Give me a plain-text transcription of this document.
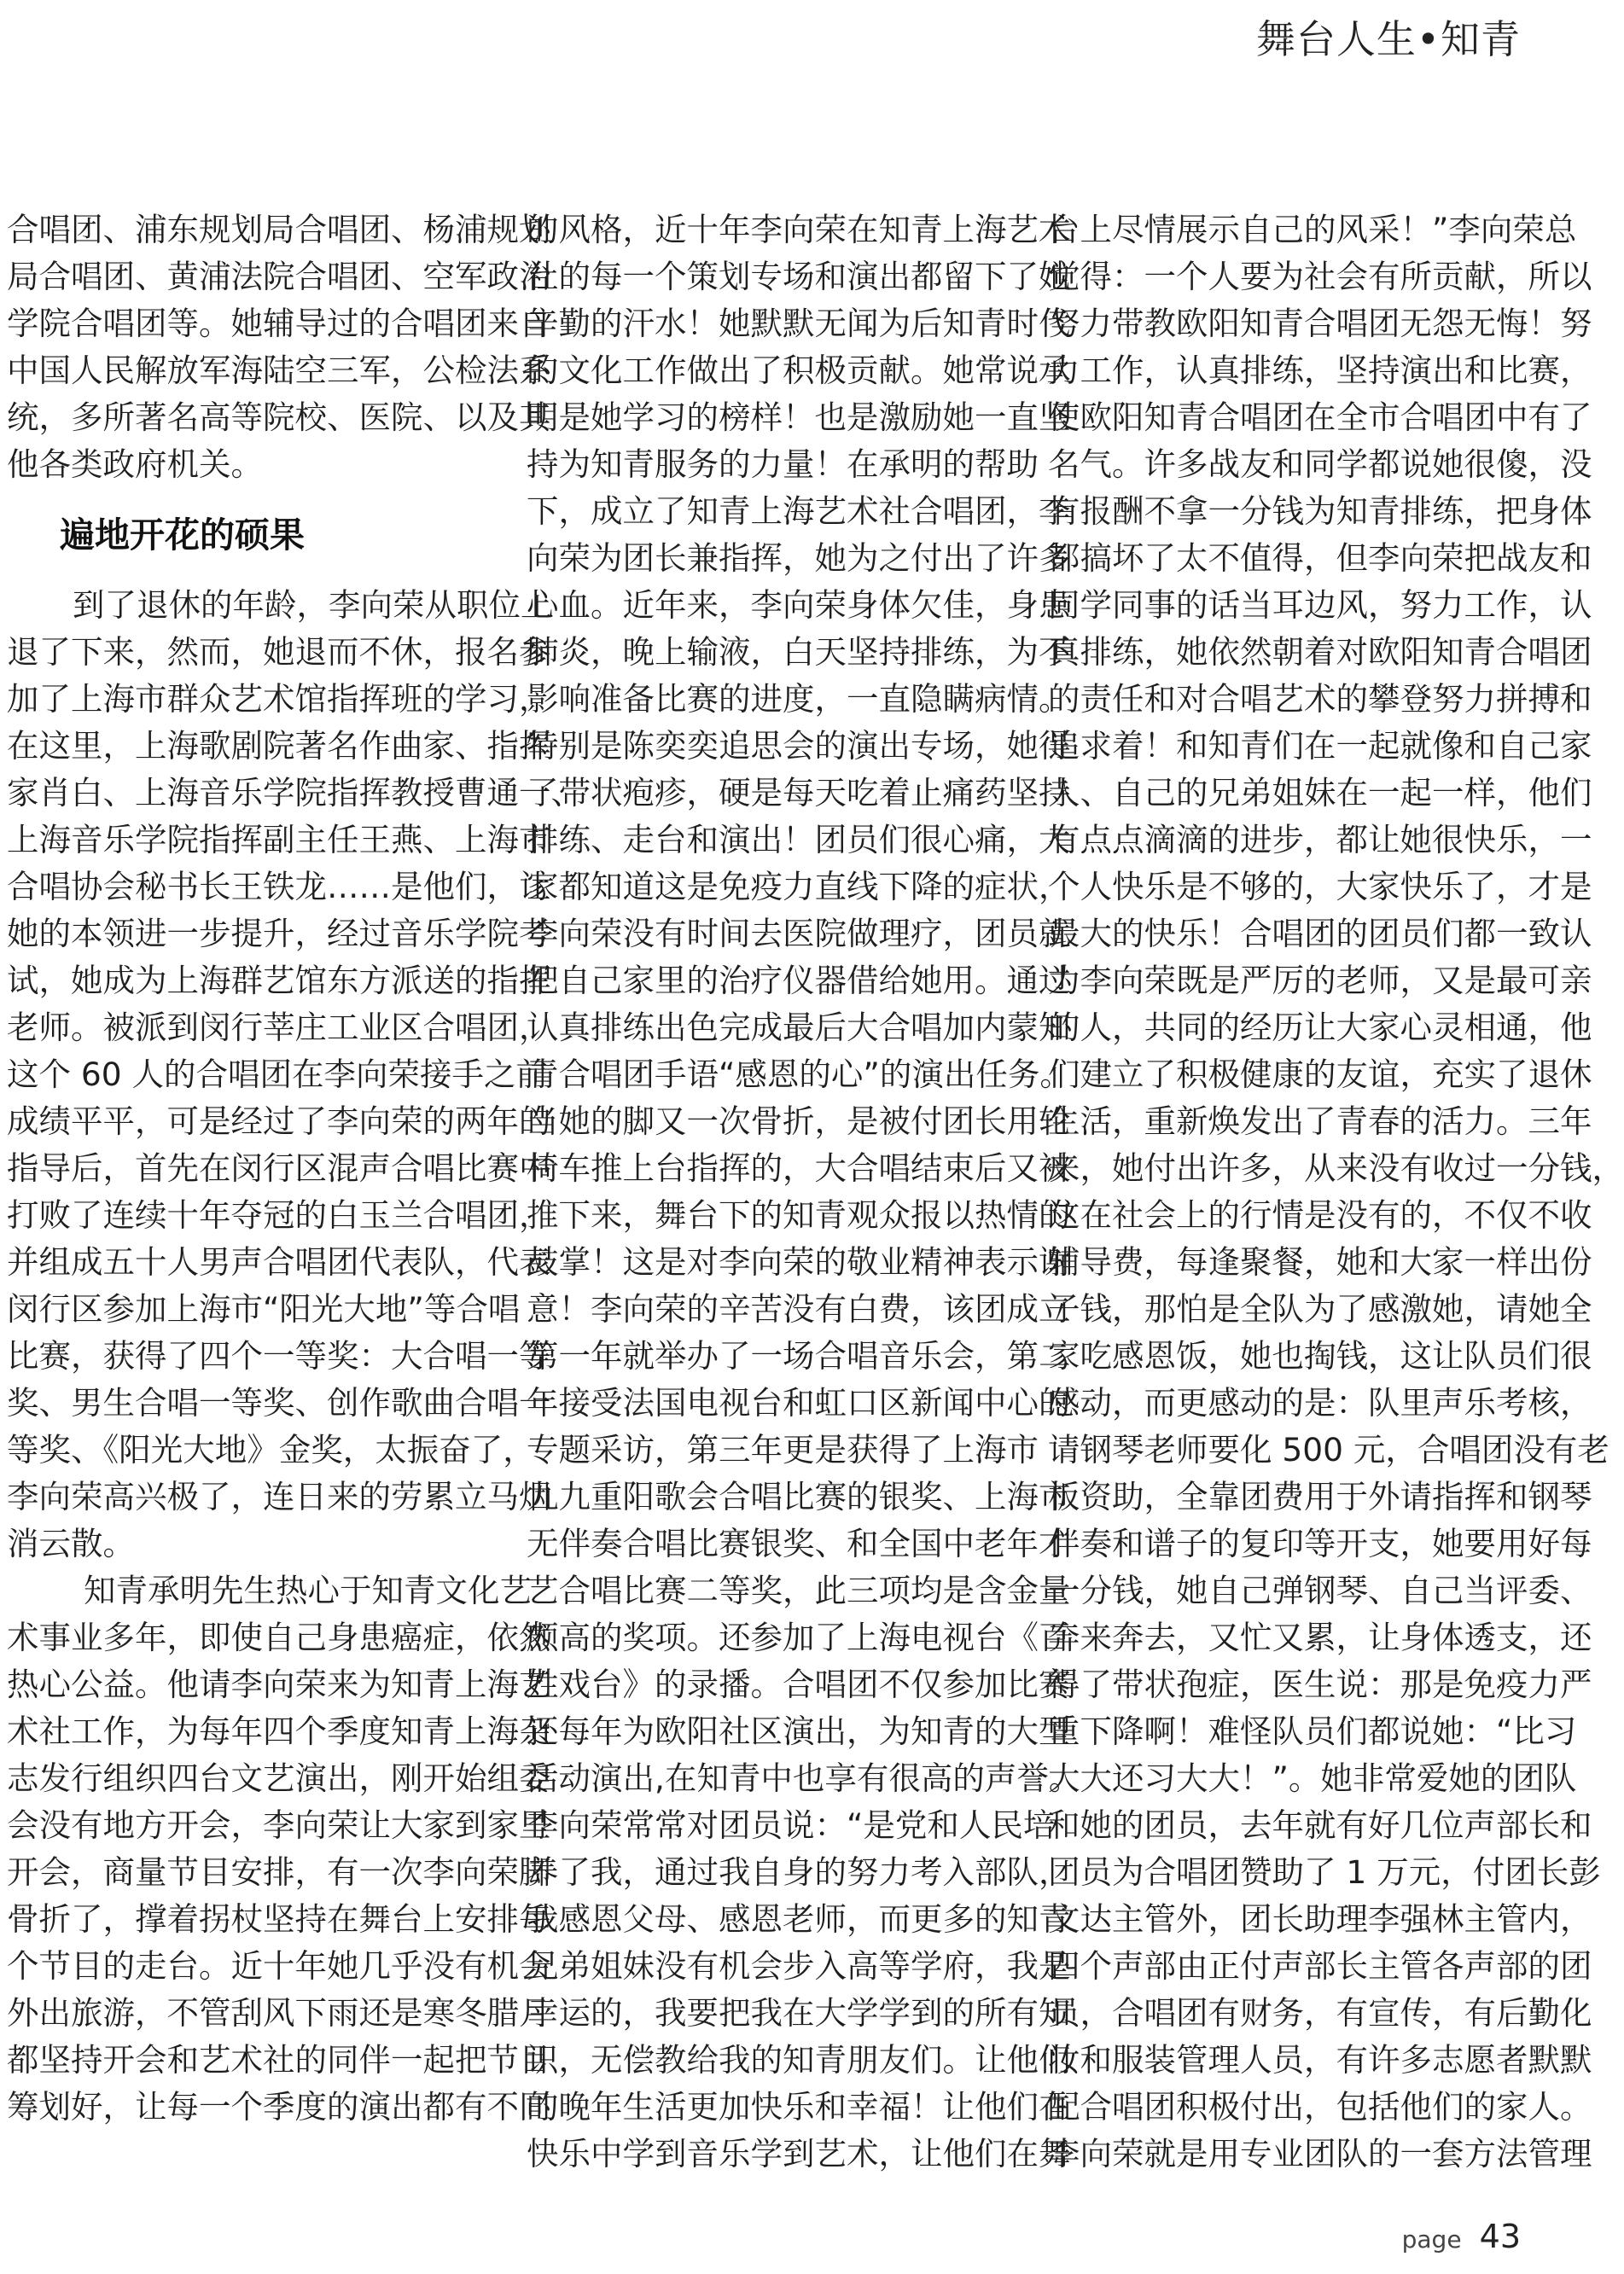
舞台人生•知青
合唱团、浦东规划局合唱团、杨浦规划
局合唱团、黄浦法院合唱团、空军政治
学院合唱团等。她辅导过的合唱团来自
中国人民解放军海陆空三军，公检法系
统，多所著名高等院校、医院、以及其
他各类政府机关。
遍地开花的硕果
到了退休的年龄，李向荣从职位上
退了下来，然而，她退而不休，报名参
加了上海市群众艺术馆指挥班的学习，
在这里，上海歌剧院著名作曲家、指挥
家肖白、上海音乐学院指挥教授曹通一、
上海音乐学院指挥副主任王燕、上海市
合唱协会秘书长王铁龙……是他们，让
她的本领进一步提升，经过音乐学院考
试，她成为上海群艺馆东方派送的指挥
老师。被派到闵行莘庄工业区合唱团，
这个 60 人的合唱团在李向荣接手之前
成绩平平，可是经过了李向荣的两年的
指导后，首先在闵行区混声合唱比赛中
打败了连续十年夺冠的白玉兰合唱团，
并组成五十人男声合唱团代表队，代表
闵行区参加上海市“阳光大地”等合唱
比赛，获得了四个一等奖：大合唱一等
奖、男生合唱一等奖、创作歌曲合唱一
等奖、《阳光大地》金奖，太振奋了，
李向荣高兴极了，连日来的劳累立马烟
消云散。
知青承明先生热心于知青文化艺
术事业多年，即使自己身患癌症，依然
热心公益。他请李向荣来为知青上海艺
术社工作，为每年四个季度知青上海杂
志发行组织四台文艺演出，刚开始组委
会没有地方开会，李向荣让大家到家里
开会，商量节目安排，有一次李向荣脚
骨折了，撑着拐杖坚持在舞台上安排每
个节目的走台。近十年她几乎没有机会
外出旅游，不管刮风下雨还是寒冬腊月
都坚持开会和艺术社的同伴一起把节目
筹划好，让每一个季度的演出都有不同
的风格，近十年李向荣在知青上海艺术
社的每一个策划专场和演出都留下了她
辛勤的汗水！她默默无闻为后知青时代
的文化工作做出了积极贡献。她常说承
明是她学习的榜样！也是激励她一直坚
持为知青服务的力量！在承明的帮助
下，成立了知青上海艺术社合唱团，李
向荣为团长兼指挥，她为之付出了许多
心血。近年来，李向荣身体欠佳，身患
肺炎，晚上输液，白天坚持排练，为不
影响准备比赛的进度，一直隐瞒病情。
特别是陈奕奕追思会的演出专场，她得
了带状疱疹，硬是每天吃着止痛药坚持
排练、走台和演出！团员们很心痛，大
家都知道这是免疫力直线下降的症状，
李向荣没有时间去医院做理疗，团员就
把自己家里的治疗仪器借给她用。通过
认真排练出色完成最后大合唱加内蒙知
青合唱团手语“感恩的心”的演出任务。
当她的脚又一次骨折，是被付团长用轮
椅车推上台指挥的，大合唱结束后又被
推下来，舞台下的知青观众报以热情的
鼓掌！这是对李向荣的敬业精神表示谢
意！李向荣的辛苦没有白费，该团成立
第一年就举办了一场合唱音乐会，第二
年接受法国电视台和虹口区新闻中心的
专题采访，第三年更是获得了上海市
九九重阳歌会合唱比赛的银奖、上海市
无伴奏合唱比赛银奖、和全国中老年才
艺合唱比赛二等奖，此三项均是含金量
颇高的奖项。还参加了上海电视台《百
姓戏台》的录播。合唱团不仅参加比赛
还每年为欧阳社区演出，为知青的大型
活动演出,在知青中也享有很高的声誉。
李向荣常常对团员说：“是党和人民培
养了我，通过我自身的努力考入部队，
我感恩父母、感恩老师，而更多的知青
兄弟姐妹没有机会步入高等学府，我是
幸运的，我要把我在大学学到的所有知
识，无偿教给我的知青朋友们。让他们
的晚年生活更加快乐和幸福！让他们在
快乐中学到音乐学到艺术，让他们在舞
台上尽情展示自己的风采！”李向荣总
觉得：一个人要为社会有所贡献，所以
努力带教欧阳知青合唱团无怨无悔！努
力工作，认真排练，坚持演出和比赛，
使欧阳知青合唱团在全市合唱团中有了
名气。许多战友和同学都说她很傻，没
有报酬不拿一分钱为知青排练，把身体
都搞坏了太不值得，但李向荣把战友和
同学同事的话当耳边风，努力工作，认
真排练，她依然朝着对欧阳知青合唱团
的责任和对合唱艺术的攀登努力拼搏和
追求着！和知青们在一起就像和自己家
人、自己的兄弟姐妹在一起一样，他们
有点点滴滴的进步，都让她很快乐，一
个人快乐是不够的，大家快乐了，才是
最大的快乐！合唱团的团员们都一致认
为李向荣既是严厉的老师，又是最可亲
的人，共同的经历让大家心灵相通，他
们建立了积极健康的友谊，充实了退休
生活，重新焕发出了青春的活力。三年
来，她付出许多，从来没有收过一分钱，
这在社会上的行情是没有的，不仅不收
辅导费，每逢聚餐，她和大家一样出份
子钱，那怕是全队为了感激她，请她全
家吃感恩饭，她也掏钱，这让队员们很
感动，而更感动的是：队里声乐考核，
请钢琴老师要化 500 元，合唱团没有老
板资助，全靠团费用于外请指挥和钢琴
伴奏和谱子的复印等开支，她要用好每
一分钱，她自己弹钢琴、自己当评委、
奔来奔去，又忙又累，让身体透支，还
得了带状孢症，医生说：那是免疫力严
重下降啊！难怪队员们都说她：“比习
大大还习大大！”。她非常爱她的团队
和她的团员，去年就有好几位声部长和
团员为合唱团赞助了 1 万元，付团长彭
文达主管外，团长助理李强林主管内，
四个声部由正付声部长主管各声部的团
员，合唱团有财务，有宣传，有后勤化
妆和服装管理人员，有许多志愿者默默
配合唱团积极付出，包括他们的家人。
李向荣就是用专业团队的一套方法管理
page 43
